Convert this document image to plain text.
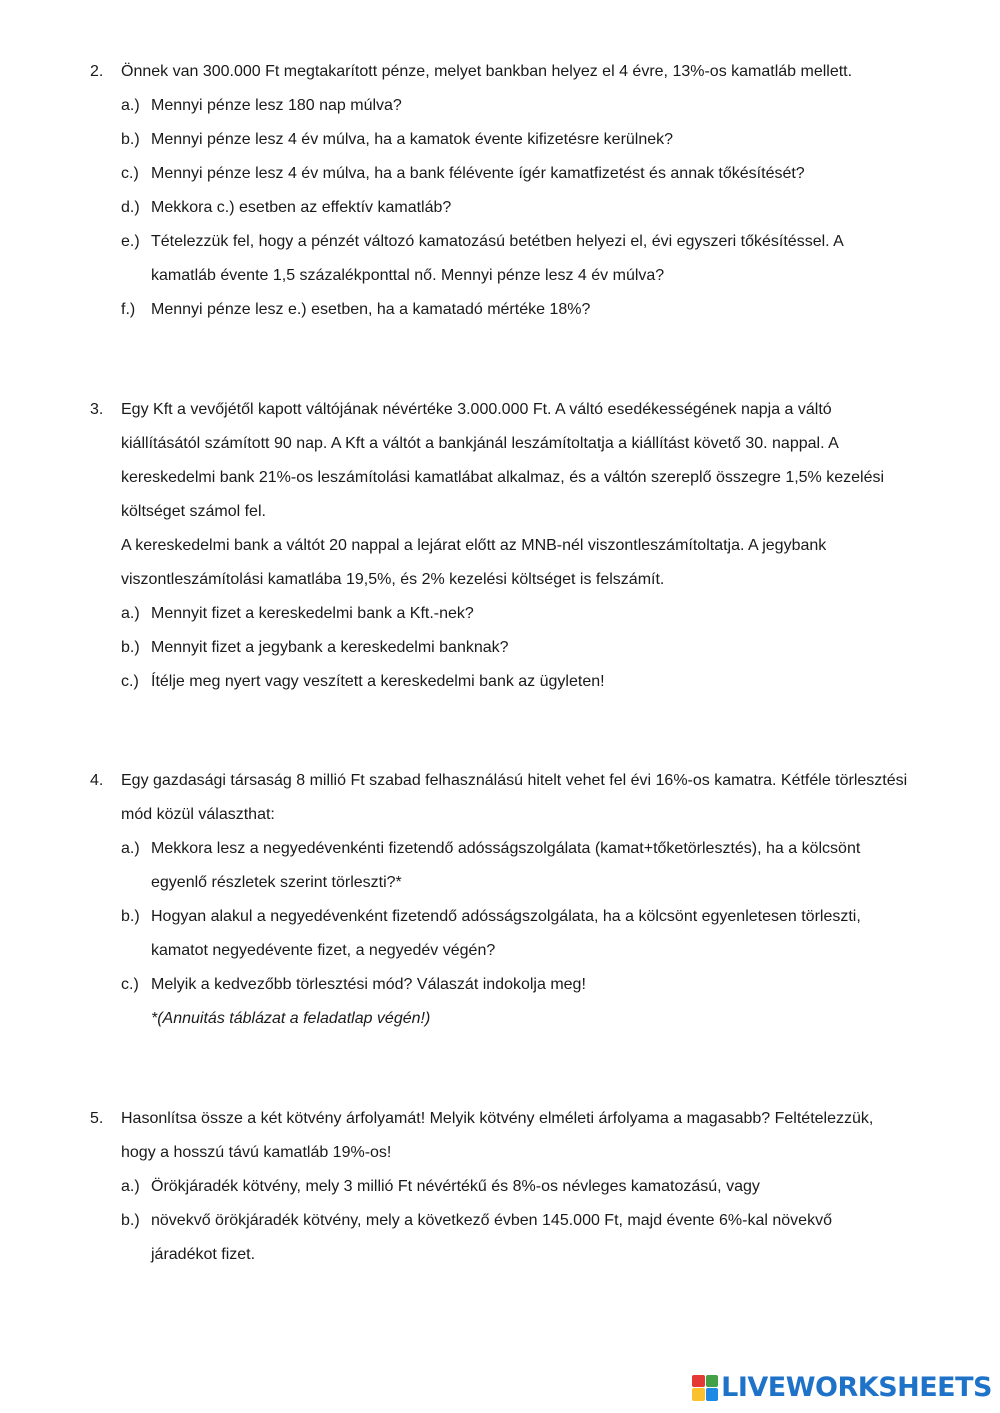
2.	Önnek van 300.000 Ft megtakarított pénze, melyet bankban helyez el 4 évre, 13%-os kamatláb mellett.
a.) Mennyi pénze lesz 180 nap múlva?
b.) Mennyi pénze lesz 4 év múlva, ha a kamatok évente kifizetésre kerülnek?
c.) Mennyi pénze lesz 4 év múlva, ha a bank félévente ígér kamatfizetést és annak tőkésítését?
d.) Mekkora c.) esetben az effektív kamatláb?
e.) Tételezzük fel, hogy a pénzét változó kamatozású betétben helyezi el, évi egyszeri tőkésítéssel. A
kamatláb évente 1,5 százalékponttal nő. Mennyi pénze lesz 4 év múlva?
f.) Mennyi pénze lesz e.) esetben, ha a kamatadó mértéke 18%?
3.	Egy Kft a vevőjétől kapott váltójának névértéke 3.000.000 Ft. A váltó esedékességének napja a váltó
kiállításától számított 90 nap. A Kft a váltót a bankjánál leszámítoltatja a kiállítást követő 30. nappal. A
kereskedelmi bank 21%-os leszámítolási kamatlábat alkalmaz, és a váltón szereplő összegre 1,5% kezelési
költséget számol fel.
A kereskedelmi bank a váltót 20 nappal a lejárat előtt az MNB-nél viszontleszámítoltatja. A jegybank
viszontleszámítolási kamatlába 19,5%, és 2% kezelési költséget is felszámít.
a.) Mennyit fizet a kereskedelmi bank a Kft.-nek?
b.) Mennyit fizet a jegybank a kereskedelmi banknak?
c.) Ítélje meg nyert vagy veszített a kereskedelmi bank az ügyleten!
4.	Egy gazdasági társaság 8 millió Ft szabad felhasználású hitelt vehet fel évi 16%-os kamatra. Kétféle törlesztési
mód közül választhat:
a.) Mekkora lesz a negyedévenkénti fizetendő adósságszolgálata (kamat+tőketörlesztés), ha a kölcsönt
egyenlő részletek szerint törleszti?*
b.) Hogyan alakul a negyedévenként fizetendő adósságszolgálata, ha a kölcsönt egyenletesen törleszti,
kamatot negyedévente fizet, a negyedév végén?
c.) Melyik a kedvezőbb törlesztési mód? Válaszát indokolja meg!
*(Annuitás táblázat a feladatlap végén!)
5.	Hasonlítsa össze a két kötvény árfolyamát! Melyik kötvény elméleti árfolyama a magasabb? Feltételezzük,
hogy a hosszú távú kamatláb 19%-os!
a.) Örökjáradék kötvény, mely 3 millió Ft névértékű és 8%-os névleges kamatozású, vagy
b.) növekvő örökjáradék kötvény, mely a következő évben 145.000 Ft, majd évente 6%-kal növekvő
járadékot fizet.
LIVEWORKSHEETS
